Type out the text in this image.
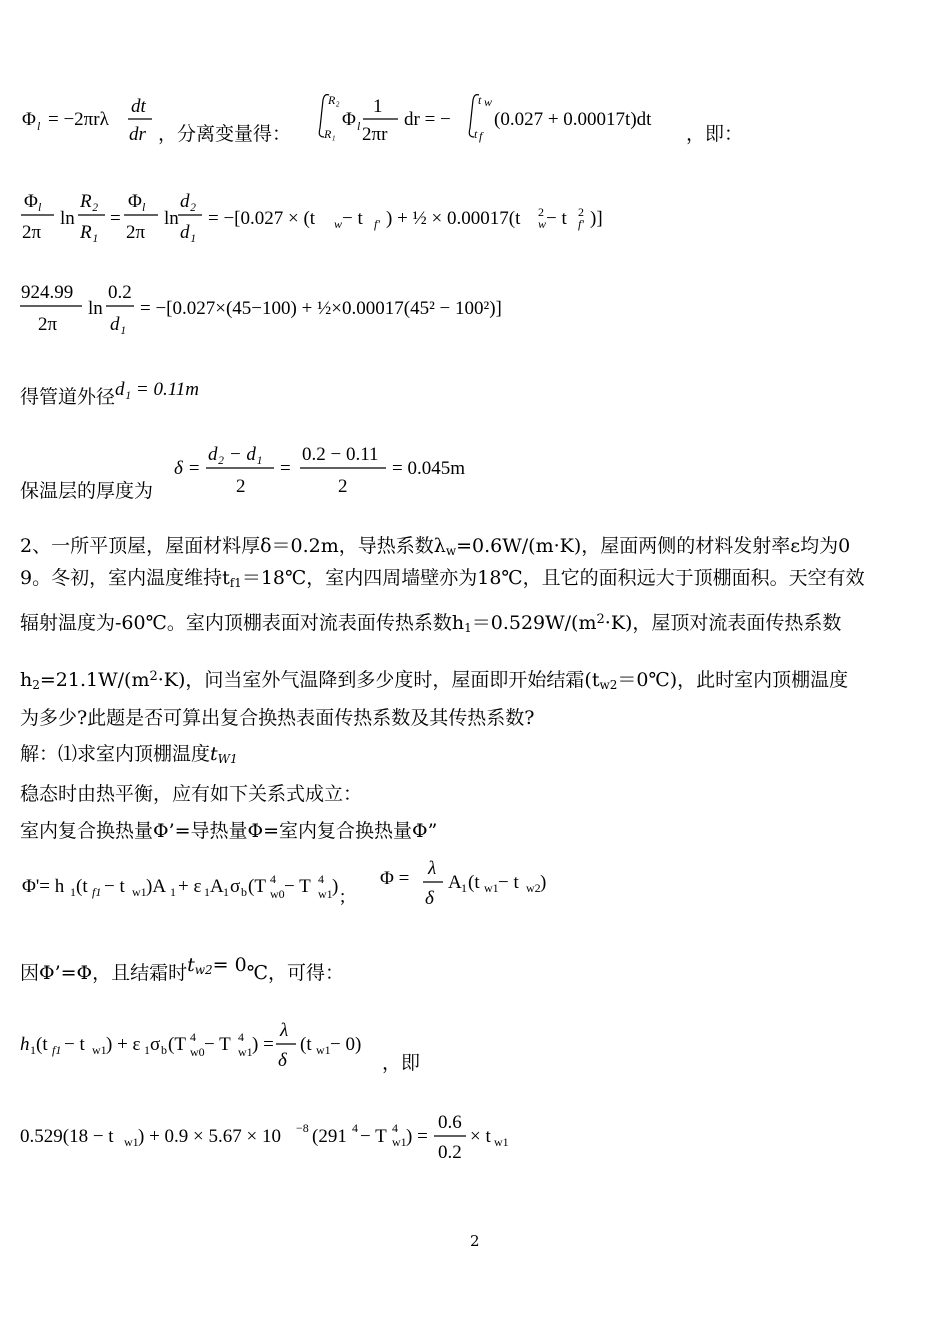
Φ l = −2πrλ
dt
dr ，分离变量得：
R₂
R₁
Φ l
1
2πr
dr = −
t w
t f
(0.027 + 0.00017t)dt
，即：
Φ l
2π
ln
R₂
R₁
=
Φ l
2π
ln
d₂
d₁
= −[0.027 × (t w − t f' ) + ½ × 0.00017(t w
2 − t f'
2 )]
924.99
2π
ln
0.2
d₁
= −[0.027×(45−100) + ½×0.00017(45² − 100²)]
得管道外径d₁ = 0.11m
保温层的厚度为
δ =
d₂ − d₁
2
=
0.2 − 0.11
2
= 0.045m
2、一所平顶屋，屋面材料厚δ＝0.2m，导热系数λw=0.6W/(m·K)，屋面两侧的材料发射率ε均为0
9。冬初，室内温度维持tf1＝18℃，室内四周墙壁亦为18℃，且它的面积远大于顶棚面积。天空有效
辐射温度为-60℃。室内顶棚表面对流表面传热系数$h1=0.529W/(m^2\cdot K)$，屋顶对流表面传热系数
$h2=21.1W/(m^2\cdot K)$，问当室外气温降到多少度时，屋面即开始结霜(tw2＝0℃)，此时室内顶棚温度
为多少?此题是否可算出复合换热表面传热系数及其传热系数?
解：⑴求室内顶棚温度tW1
稳态时由热平衡，应有如下关系式成立：
室内复合换热量Φ’=导热量Φ=室内复合换热量Φ”
Φ'= h 1 (t f1 − t w1 )A 1 + ε 1 A 1 σ b (T 4
w0 − T 4
w1 ) ;
Φ = λ
δ
A 1 (t w1 − t w2 )
因Φ’=Φ，且结霜时$t^{w2}=$ 0℃，可得：
h 1 (t f1 − t w1 ) + ε 1 σ b (T 4
w0 − T 4
w1 ) =
λ
δ
(t w1 − 0)
，即
0.529(18 − t w1 ) + 0.9 × 5.67 × 10 −8 (291 4 − T 4
w1 ) =
0.6
0.2
× t w1
2
